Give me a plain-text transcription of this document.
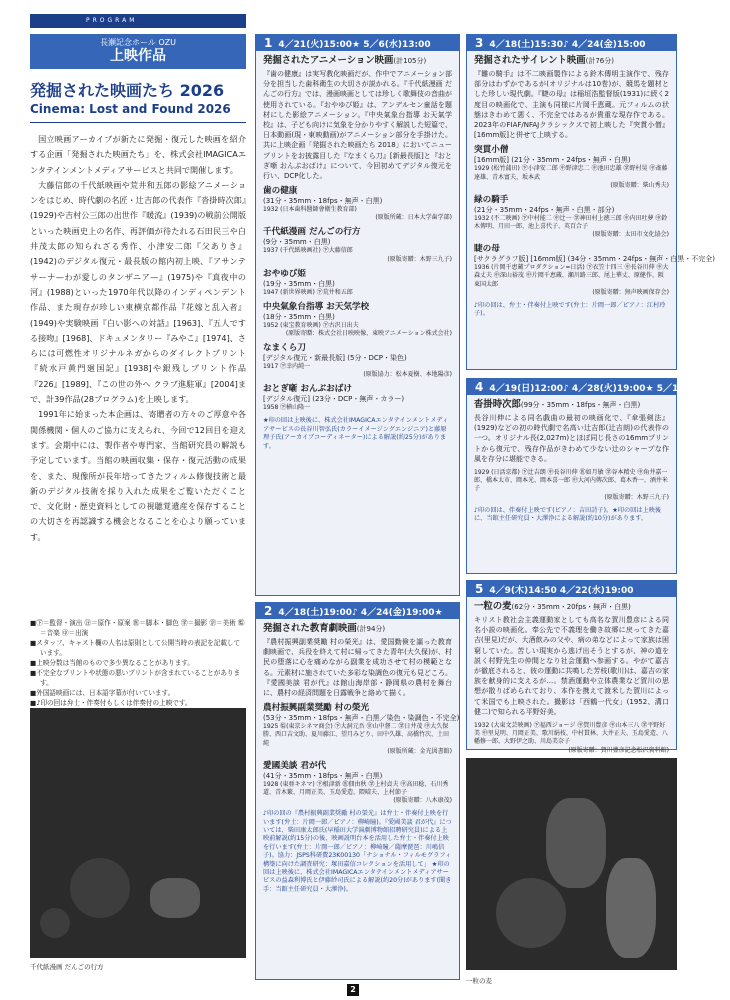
PROGRAM
長瀬記念ホール OZU
上映作品
発掘された映画たち 2026
Cinema: Lost and Found 2026

国立映画アーカイブが新たに発掘・復元した映画を紹介する企画「発掘された映画たち」を、株式会社IMAGICAエンタテインメントメディアサービスと共同で開催します。

大藤信郎の千代紙映画や荒井和五郎の影絵アニメーションをはじめ、時代劇の名匠・辻吉郎の代表作『沓掛時次郎』(1929)や吉村公三郎の出世作『暖流』(1939)の戦前公開版といった映画史上の名作、再評価が待たれる石田民三や白井茂太郎の知られざる秀作、小津安二郎『父ありき』(1942)のデジタル復元・最長版の館内初上映、『アサンテサーナ—わが愛しのタンザニア—』(1975)や『真夜中の河』(1988)といった1970年代以降のインディペンデント作品、また現存が珍しい東横京都作品『花嫁と乱入者』(1949)や実験映画『白い影への対話』[1963]、『五人でする接吻』[1968]、ドキュメンタリー『みやこ』[1974]、さらには可燃性オリジナルネガからのダイレクトプリント『続水戸黄門廻国記』[1938]や銀残しプリント作品『226』[1989]、『この世の外へ クラブ進駐軍』[2004]まで、計39作品(28プログラム)を上映します。

1991年に始まった本企画は、寄贈者の方々のご厚意や各関係機関・個人のご協力に支えられ、今回で12回目を迎えます。会期中には、製作者や専門家、当館研究員の解説も予定しています。当館の映画収集・保存・復元活動の成果を、また、現像所が長年培ってきたフィルム修復技術と最新のデジタル技術を採り入れた成果をご覧いただくことで、文化財・歴史資料としての視聴覚遺産を保存することの大切さを再認識する機会となることを心より願っています。

■㊦＝監督・演出 ㊟＝原作・原案 ㊩＝脚本・脚色 ㊫＝撮影 ㊪＝美術 ㊬＝音楽 ㊥＝出演
■スタッフ、キャスト欄の人名は原則として公開当時の表記を記載しています。
■上映分数は当館のもので多少異なることがあります。
■不完全なプリントや状態の悪いプリントが含まれていることがあります。
■外国語映画には、日本語字幕が付いています。
■♪印の回は弁士・伴奏付もしくは伴奏付の上映です。
千代紙漫画 だんごの行方
1 4／21(火)15:00★ 5／6(水)13:00
発掘されたアニメーション映画(計105分)
『歯の健康』は実写教化映画だが、作中でアニメーション部分を担当した歯科衛生の大切さが説かれる。『千代紙漫画 だんごの行方』では、漫画映画としては珍しく歌舞伎の音曲が使用されている。『おやゆび姫』は、アンデルセン童話を題材にした影絵アニメーション。『中央氣象台指導 お天氣学校』は、子ども向けに気象を分かりやすく解説した短篇で、日本動画(現・東映動画)がアニメーション部分を手掛けた。共に上映企画「発掘された映画たち 2018」においてニュープリントをお披露目した『なまくら刀』[新最長版]と『おとぎ噺 おんぶおばけ』について、今回初めてデジタル復元を行い、DCP化した。
歯の健康
(31分・35mm・18fps・無声・白黒)
1932 (日本歯科醫師會衛生教育部)
(原版所蔵：日本大学歯学部)
千代紙漫画 だんごの行方
(9分・35mm・白黒)
1937 (千代紙映画社) ㊦大藤信郎
(原版寄贈：木野三九子)
おやゆび姫
(19分・35mm・白黒)
1947 (新世界映画) ㊦荒井和五郎
中央氣象台指導 お天気学校
(18分・35mm・白黒)
1952 (東宝教育映画) ㊦古沢日出夫
(原版寄贈：株式会社日映映像、東映アニメーション株式会社)
なまくら刀
[デジタル復元・新最長版] (5分・DCP・染色)
1917 ㊦幸内純一
(原版協力：松本夏樹、本地陽彦)
おとぎ噺 おんぶおばけ
[デジタル復元] (23分・DCP・無声・カラー)
1958 ㊦横山隆一
★印の回は上映後に、株式会社IMAGICAエンタテインメントメディアサービスの長谷川智弘氏(カラーイメージングエンジニア)と藤原理子氏(アーカイブコーディネーター)による解説(約25分)があります。
2 4／18(土)19:00♪ 4／24(金)19:00★
発掘された教育劇映画(計94分)
『農村振興副業奨勵 村の榮光』は、愛国勤倹を謳った教育劇映画で、兵役を終えて村に帰ってきた青年(大久保)が、村民の堕落に心を痛めながら副業を成功させて村の模範となる。元素材に施されていた多彩な染調色の復元も見どころ。『愛國美談 君が代』は館山海岸部・静岡県の農村を舞台に、農村の経済問題を日露戦争と絡めて描く。
農村振興副業奨勵 村の榮光
(53分・35mm・18fps・無声・白黒／染色・染調色・不完全)
1925 ㊬(東京シネマ商会) ㊦大洞元吾 ㊪山中督二 ㊫日井茂 ㊥大久保勝、西口吉文助、夏川藤江、望月みどり、田中久雄、高橋竹次、土田純
(原版所蔵：金光図書館)
愛國美談 君が代
(41分・35mm・18fps・無声・白黒)
1928 (東亜キネマ) ㊦根津新 ㊩佃由秋 ㊫上村貞夫 ㊥高田稔、石川秀道、青木繁、月岡正美、玉島愛造、隈晴夫、上村節子
(原版寄贈：八木康茂)
♪印の回の『農村振興副業奨勵 村の榮光』は弁士・伴奏付上映を行います(弁士：片岡一郎／ピアノ：柳崎瞳)。『愛國美談 君が代』については、柴田康太郎氏(早稲田大学演劇博物館招聘研究員)による上映前解説(約15分)の後、映画説明台本を活用した弁士・伴奏付上映を行います(弁士：片岡一郎／ピアノ：柳崎瞳／薩摩琵琶：川嶋信子)。協力：JSPS科研費23K00130「ナショナル・フィルモグラフィ構築に向けた調査研究：塚田嘉信コレクションを活用して」 ★印の回は上映後に、株式会社IMAGICAエンタテインメントメディアサービスの益森利博氏と伊藤紗司氏による解説(約20分)があります(聞き手：当館主任研究員・大澤浄)。
3 4／18(土)15:30♪ 4／24(金)15:00
発掘されたサイレント映画(計76分)
『雛の騎手』は不二映画製作による鈴木傳明主演作で、残存部分はわずかであるが(オリジナルは10巻)が、競馬を題材とした珍しい現代劇。『睫の母』は稲垣浩監督版(1931)に続く2度目の映画化で、主演も同様に片岡千恵蔵。元フィルムの状態はきわめて悪く、不完全ではあるが貴重な現存作である。2023年のFIAF/NFAJクラシックスで初上映した『突貫小僧』[16mm版]と併せて上映する。
突貫小僧
[16mm版] (21分・35mm・24fps・無声・白黒)
1929 (松竹蒲田) ㊦小津安二郎 ㊥野津忠二 ㊥池田忠雄 ㊫野村昊 ㊥斎藤達雄、青木富夫、坂本武
(原版寄贈：柴山秀夫)
緑の騎手
(21分・35mm・24fps・無声・白黒・部分)
1932 (不二映画) ㊦中村能二 ㊥辻一 ㊫神田村上徳三郎 ㊥内田吐夢 ㊥鈴木傳明、月田一郎、池上喜代子、英百合子
(原版寄贈：太田市文化協会)
睫の母
[サクラグラフ版] [16mm版] (34分・35mm・24fps・無声・白黒・不完全)
1936 (片岡千恵蔵プロダクション=日活) ㊦衣笠十四三 ㊥長谷川伸 ㊥大森丈夫 ㊥深山裕茂 ㊥片岡千恵蔵、瀬川路三郎、尾上華丈、原健作、阪東国太郎
(原版寄贈：無声映画保存会)
♪印の回は、弁士・伴奏付上映です(弁士：片岡一郎／ピアノ：江村玲子)。
4 4／19(日)12:00♪ 4／28(火)19:00★ 5／10(日)12:00
沓掛時次郎(99分・35mm・18fps・無声・白黒)
長谷川伸による同名戯曲の最初の映画化で、『傘張剣法』(1929)などの初の時代劇で名高い辻吉郎(辻吉朗)の代表作の一つ。オリジナル長(2,027m)とほぼ同じ長さの16mmプリントから復元で、残存作品がきわめて少ない辻のシャープな作風を存分に堪能できる。
1929 (日活京都) ㊦辻吉朗 ㊥長谷川伸 ㊩如月敏 ㊫谷本精史 ㊥角井嘉一郎、橋本太市、岡本光、岡本喜一郎 ㊥大河内傳次郎、葛木香一、酒井米子
(原版寄贈：木野三九子)
♪印の回は、伴奏付上映です(ピアノ：吉田詩子)。★印の回は上映後に、当館主任研究員・大澤浄による解説(約10分)があります。
5 4／9(木)14:50 4／22(水)19:00
一粒の麦(62分・35mm・20fps・無声・白黒)
キリスト教社会主義運動家としても高名な賀川豊彦による同名小説の映画化。奉公先で不義理を働き故郷に戻ってきた嘉吉(里見)だが、大酒飲みの父や、病の弟などによって家族は困窮していた。苦しい現実から逃げ出そうとするが、神の道を説く村野先生の仲間となり社会運動へ参画する。やがて嘉吉が徹底されると、彼の運動に共鳴した芳枝(歌川)は、嘉吉の家族を献身的に支えるが…。禁酒運動や立体農業など賀川の思想が散りばめられており、本作を携えて渡米した賀川によって米国でも上映された。撮影は「西鶴一代女」(1952、溝口健二)で知られる平野好美。
1932 (大東文芸映画) ㊦福西ジョージ ㊥賀川豊彦 ㊥山本三八 ㊫平野好美 ㊥里見明、月岡正美、歌川絹枝、中村貫林、大井正夫、玉島愛造、八幡修一郎、大野伊之助、川島美奈子
(原版寄贈：賀川豊彦記念松沢資料館)
一粒の麦
2
